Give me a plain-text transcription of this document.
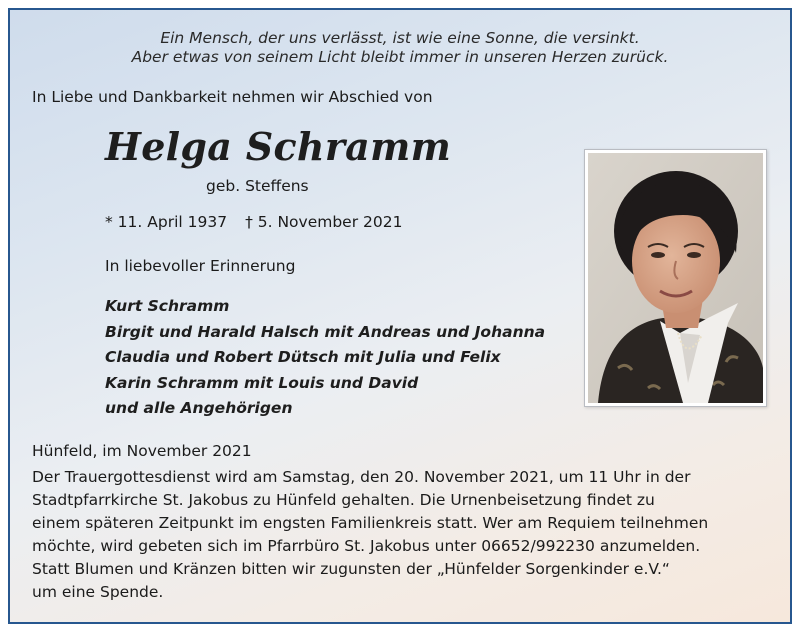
Ein Mensch, der uns verlässt, ist wie eine Sonne, die versinkt.
Aber etwas von seinem Licht bleibt immer in unseren Herzen zurück.
In Liebe und Dankbarkeit nehmen wir Abschied von
Helga Schramm
geb. Steffens
* 11. April 1937 † 5. November 2021
In liebevoller Erinnerung
Kurt Schramm
Birgit und Harald Halsch mit Andreas und Johanna
Claudia und Robert Dütsch mit Julia und Felix
Karin Schramm mit Louis und David
und alle Angehörigen
Hünfeld, im November 2021

Der Trauergottesdienst wird am Samstag, den 20. November 2021, um 11 Uhr in der
Stadtpfarrkirche St. Jakobus zu Hünfeld gehalten. Die Urnenbeisetzung findet zu
einem späteren Zeitpunkt im engsten Familienkreis statt. Wer am Requiem teilnehmen
möchte, wird gebeten sich im Pfarrbüro St. Jakobus unter 06652/992230 anzumelden.
Statt Blumen und Kränzen bitten wir zugunsten der „Hünfelder Sorgenkinder e.V.“
um eine Spende.
